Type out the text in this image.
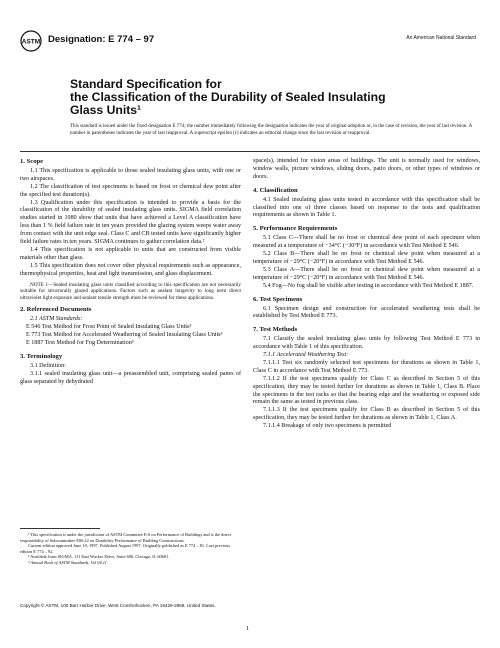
ASTM Designation: E 774 – 97	An American National Standard
Standard Specification for
the Classification of the Durability of Sealed Insulating
Glass Units¹
This standard is issued under the fixed designation E 774; the number immediately following the designation indicates the year of original adoption or, in the case of revision, the year of last revision. A number in parentheses indicates the year of last reapproval. A superscript epsilon (ε) indicates an editorial change since the last revision or reapproval.

1. Scope

1.1 This specification is applicable to those sealed insulating glass units, with one or two airspaces.

1.2 The classification of test specimens is based on frost or chemical dew point after the specified test duration(s).

1.3 Qualification under this specification is intended to provide a basis for the classification of the durability of sealed insulating glass units. SIGMA field correlation studies started in 1980 show that units that have achieved a Level A classification have less than 1 % field failure rate in ten years provided the glazing system weeps water away from contact with the unit edge seal. Class C and CB tested units have significantly higher field failure rates in ten years. SIGMA continues to gather correlation data.²

1.4 This specification is not applicable to units that are constructed from visible materials other than glass.

1.5 This specification does not cover other physical requirements such as appearance, thermophysical properties, heat and light transmission, and glass displacement.

NOTE 1—Sealed insulating glass units classified according to this specification are not necessarily suitable for structurally glazed applications. Factors such as sealant longevity to long term direct ultraviolet light exposure and sealant tensile strength must be reviewed for these applications.

2. Referenced Documents

2.1 ASTM Standards:

E 546 Test Method for Frost Point of Sealed Insulating Glass Units³

E 773 Test Method for Accelerated Weathering of Sealed Insulating Glass Units³

E 1887 Test Method for Fog Determination³

3. Terminology

3.1 Definition:

3.1.1 sealed insulating glass unit—a preassembled unit, comprising sealed panes of glass separated by dehydrated

¹ This specification is under the jurisdiction of ASTM Committee E-6 on Performance of Buildings and is the direct responsibility of Subcommittee E06.22 on Durability Performance of Building Constructions.

Current edition approved June 10, 1997. Published August 1997. Originally published as E 774 – 81. Last previous edition E 774 – 92.

² Available from SIGMA, 111 East Wacker Drive, Suite 600, Chicago, IL 60601.

³ Annual Book of ASTM Standards, Vol 04.11.

space(s), intended for vision areas of buildings. The unit is normally used for windows, window walls, picture windows, sliding doors, patio doors, or other types of windows or doors.

4. Classification

4.1 Sealed insulating glass units tested in accordance with this specification shall be classified into one of three classes based on response to the tests and qualification requirements as shown in Table 1.

5. Performance Requirements

5.1 Class C—There shall be no frost or chemical dew point of each specimen when measured at a temperature of −34°C (−30°F) in accordance with Test Method E 546.

5.2 Class B—There shall be no frost or chemical dew point when measured at a temperature of −29°C (−20°F) in accordance with Test Method E 546.

5.3 Class A—There shall be no frost or chemical dew point when measured at a temperature of −29°C (−20°F) in accordance with Test Method E 546.

5.4 Fog—No fog shall be visible after testing in accordance with Test Method E 1887.

6. Test Specimens

6.1 Specimen design and construction for accelerated weathering tests shall be established by Test Method E 773.

7. Test Methods

7.1 Classify the sealed insulating glass units by following Test Method E 773 in accordance with Table 1 of this specification.

7.1.1 Accelerated Weathering Test:

7.1.1.1 Test six randomly selected test specimens for durations as shown in Table 1, Class C in accordance with Test Method E 773.

7.1.1.2 If the test specimens qualify for Class C as described in Section 5 of this specification, they may be tested further for durations as shown in Table 1, Class B. Place the specimens in the test racks so that the bearing edge and the weathering or exposed side remain the same as tested in previous class.

7.1.1.3 If the test specimens qualify for Class B as described in Section 5 of this specification, they may be tested further for durations as shown in Table 1, Class A.

7.1.1.4 Breakage of only two specimens is permitted

Copyright © ASTM, 100 Barr Harbor Drive, West Conshohocken, PA 19428-2959, United States.
1
